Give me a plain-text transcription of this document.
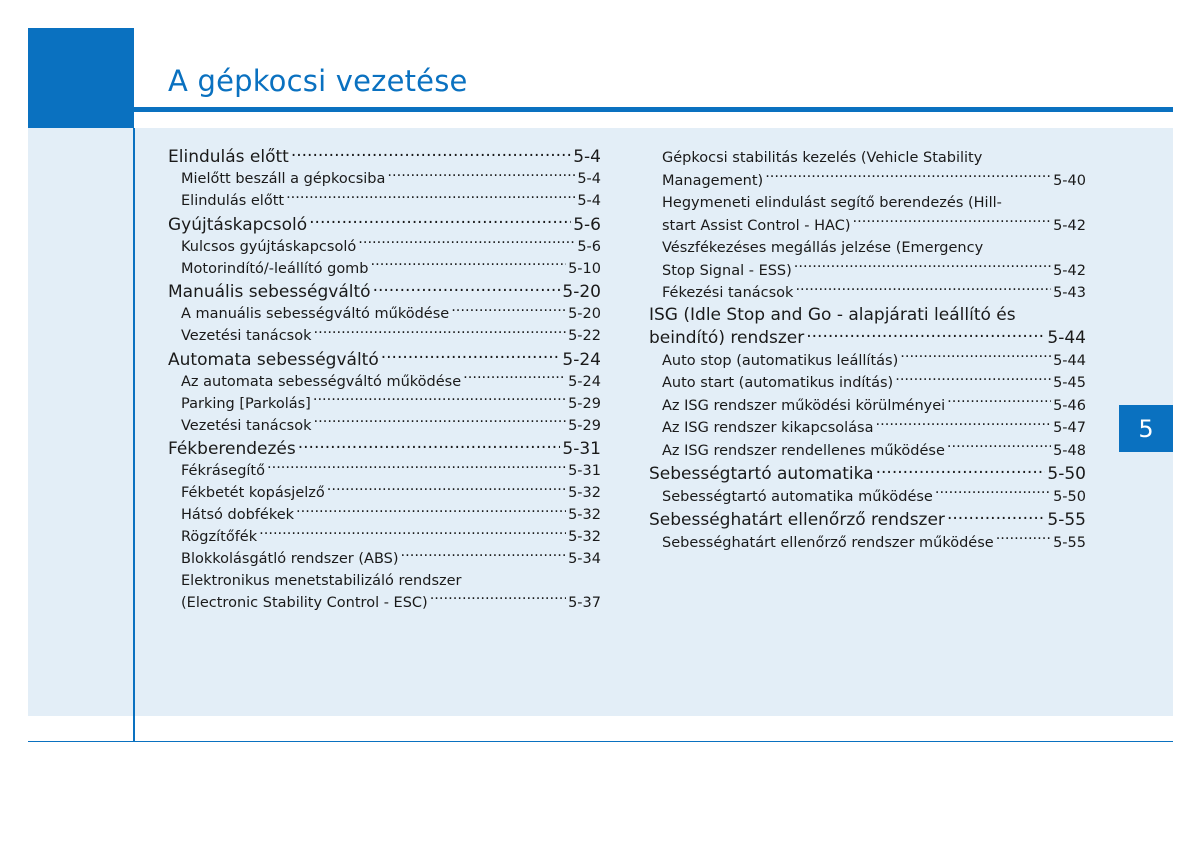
A gépkocsi vezetése
Elindulás előtt .....	5-4
Mielőtt beszáll a gépkocsiba .....	5-4
Elindulás előtt .....	5-4
Gyújtáskapcsoló .....	5-6
Kulcsos gyújtáskapcsoló .....	5-6
Motorindító/-leállító gomb .....	5-10
Manuális sebességváltó .....	5-20
A manuális sebességváltó működése .....	5-20
Vezetési tanácsok .....	5-22
Automata sebességváltó .....	5-24
Az automata sebességváltó működése .....	5-24
Parking [Parkolás] .....	5-29
Vezetési tanácsok .....	5-29
Fékberendezés .....	5-31
Fékrásegítő .....	5-31
Fékbetét kopásjelző .....	5-32
Hátsó dobfékek .....	5-32
Rögzítőfék .....	5-32
Blokkolásgátló rendszer (ABS) .....	5-34
Elektronikus menetstabilizáló rendszer
(Electronic Stability Control - ESC) .....	5-37
Gépkocsi stabilitás kezelés (Vehicle Stability
Management) .....	5-40
Hegymeneti elindulást segítő berendezés (Hill-
start Assist Control - HAC) .....	5-42
Vészfékezéses megállás jelzése (Emergency
Stop Signal - ESS) .....	5-42
Fékezési tanácsok .....	5-43
ISG (Idle Stop and Go - alapjárati leállító és
beindító) rendszer .....	5-44
Auto stop (automatikus leállítás) .....	5-44
Auto start (automatikus indítás) .....	5-45
Az ISG rendszer működési körülményei .....	5-46
Az ISG rendszer kikapcsolása .....	5-47
Az ISG rendszer rendellenes működése .....	5-48
Sebességtartó automatika .....	5-50
Sebességtartó automatika működése .....	5-50
Sebességhatárt ellenőrző rendszer .....	5-55
Sebességhatárt ellenőrző rendszer működése .....	5-55
5
